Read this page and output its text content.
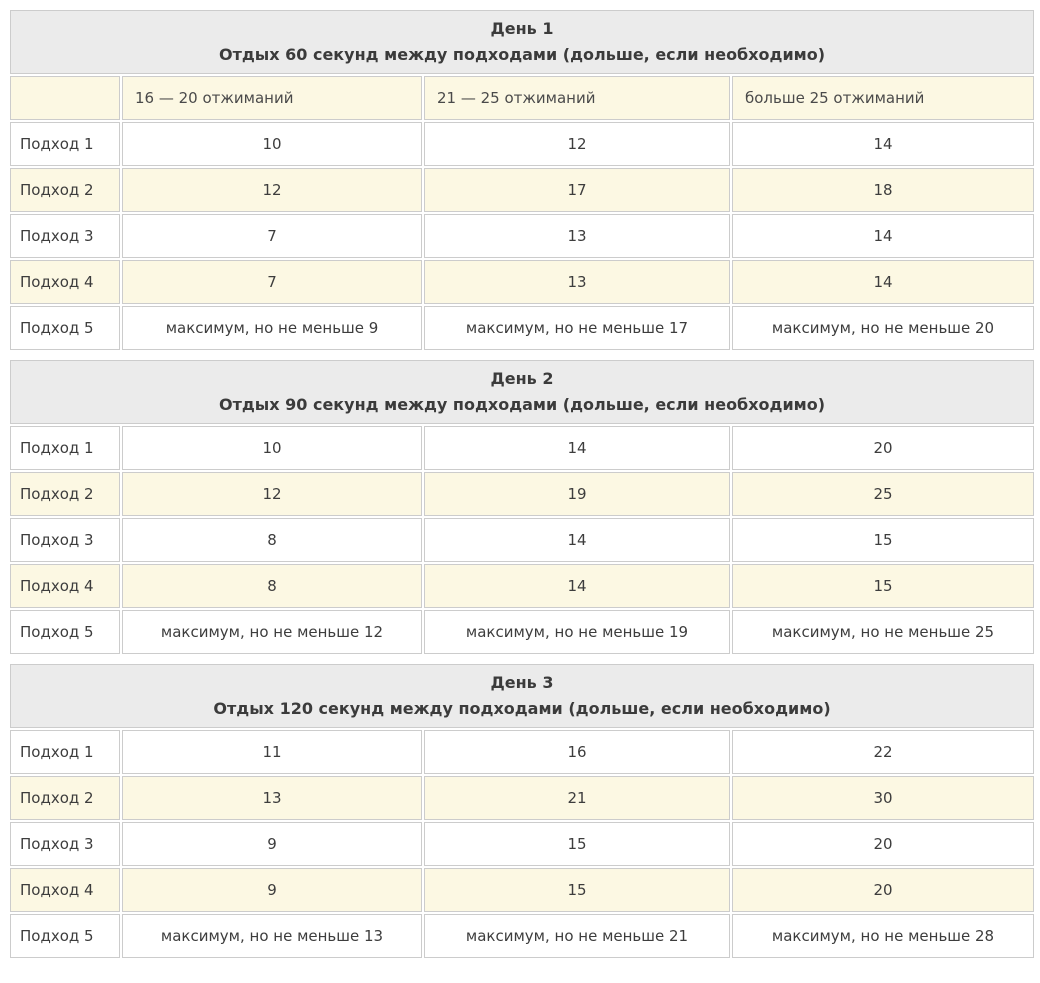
День 1
Отдых 60 секунд между подходами (дольше, если необходимо)			

	16 — 20 отжиманий	21 — 25 отжиманий	больше 25 отжиманий
Подход 1	10	12	14
Подход 2	12	17	18
Подход 3	7	13	14
Подход 4	7	13	14
Подход 5	максимум, но не меньше 9	максимум, но не меньше 17	максимум, но не меньше 20
День 2
Отдых 90 секунд между подходами (дольше, если необходимо)			

Подход 1	10	14	20
Подход 2	12	19	25
Подход 3	8	14	15
Подход 4	8	14	15
Подход 5	максимум, но не меньше 12	максимум, но не меньше 19	максимум, но не меньше 25
День 3
Отдых 120 секунд между подходами (дольше, если необходимо)			

Подход 1	11	16	22
Подход 2	13	21	30
Подход 3	9	15	20
Подход 4	9	15	20
Подход 5	максимум, но не меньше 13	максимум, но не меньше 21	максимум, но не меньше 28
